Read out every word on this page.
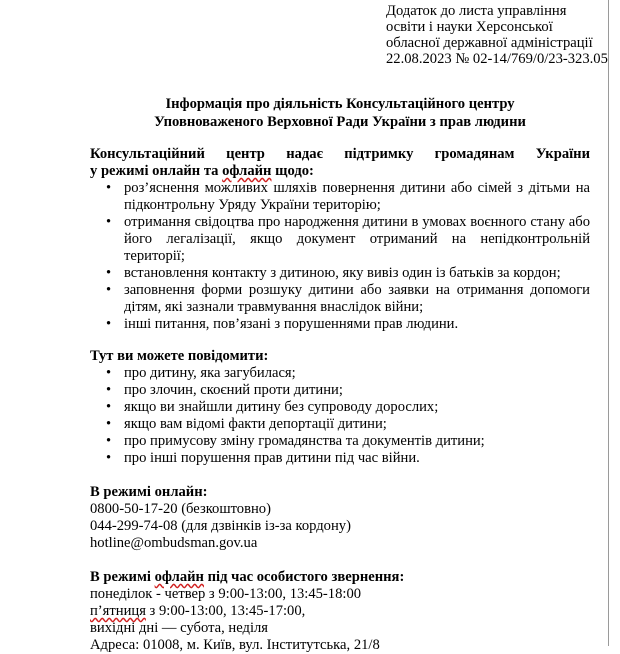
Додаток до листа управління
освіти і науки Херсонської
обласної державної адміністрації
22.08.2023 № 02-14/769/0/23-323.05
Інформація про діяльність Консультаційного центру
Уповноваженого Верховної Ради України з прав людини
Консультаційний центр надає підтримку громадянам України
у режимі онлайн та офлайн щодо:
• роз’яснення можливих шляхів повернення дитини або сімей з дітьми на підконтрольну Уряду України територію;
• отримання свідоцтва про народження дитини в умовах воєнного стану або його легалізації, якщо документ отриманий на непідконтрольній території;
• встановлення контакту з дитиною, яку вивіз один із батьків за кордон;
• заповнення форми розшуку дитини або заявки на отримання допомоги дітям, які зазнали травмування внаслідок війни;
• інші питання, пов’язані з порушеннями прав людини.
Тут ви можете повідомити:
• про дитину, яка загубилася;
• про злочин, скоєний проти дитини;
• якщо ви знайшли дитину без супроводу дорослих;
• якщо вам відомі факти депортації дитини;
• про примусову зміну громадянства та документів дитини;
• про інші порушення прав дитини під час війни.
В режимі онлайн:
0800-50-17-20 (безкоштовно)
044-299-74-08 (для дзвінків із-за кордону)
hotline@ombudsman.gov.ua
В режимі офлайн під час особистого звернення:
понеділок - четвер з 9:00-13:00, 13:45-18:00
п’ятниця з 9:00-13:00, 13:45-17:00,
вихідні дні — субота, неділя
Адреса: 01008, м. Київ, вул. Інститутська, 21/8
